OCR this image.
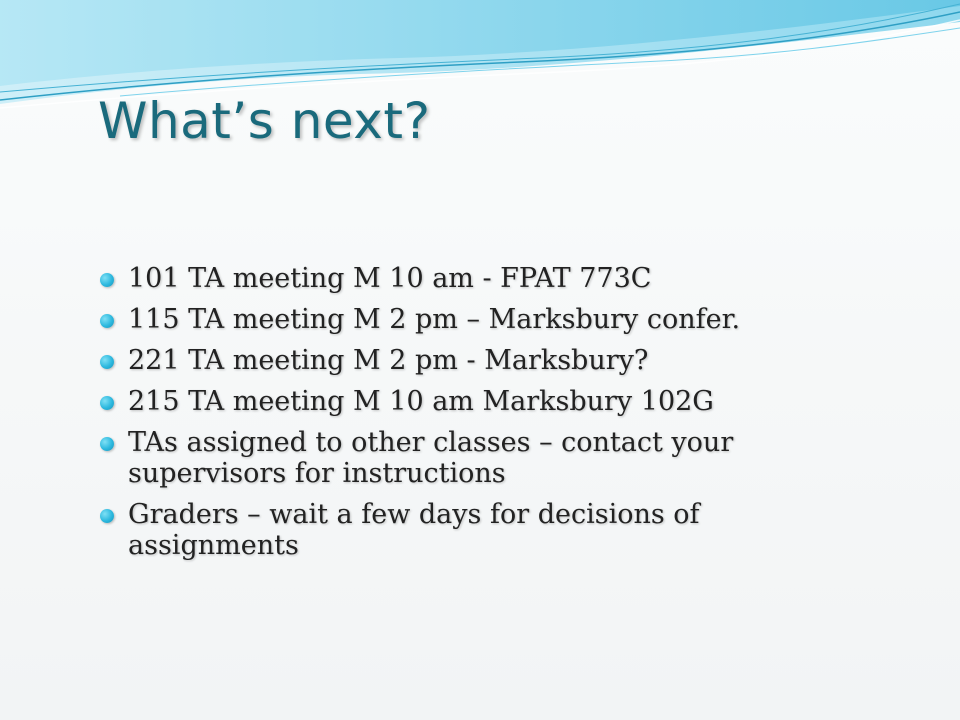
What’s next?
101 TA meeting M 10 am - FPAT 773C
115 TA meeting M 2 pm – Marksbury confer.
221 TA meeting M 2 pm - Marksbury?
215 TA meeting M 10 am Marksbury 102G
TAs assigned to other classes – contact your supervisors for instructions
Graders – wait a few days for decisions of assignments
